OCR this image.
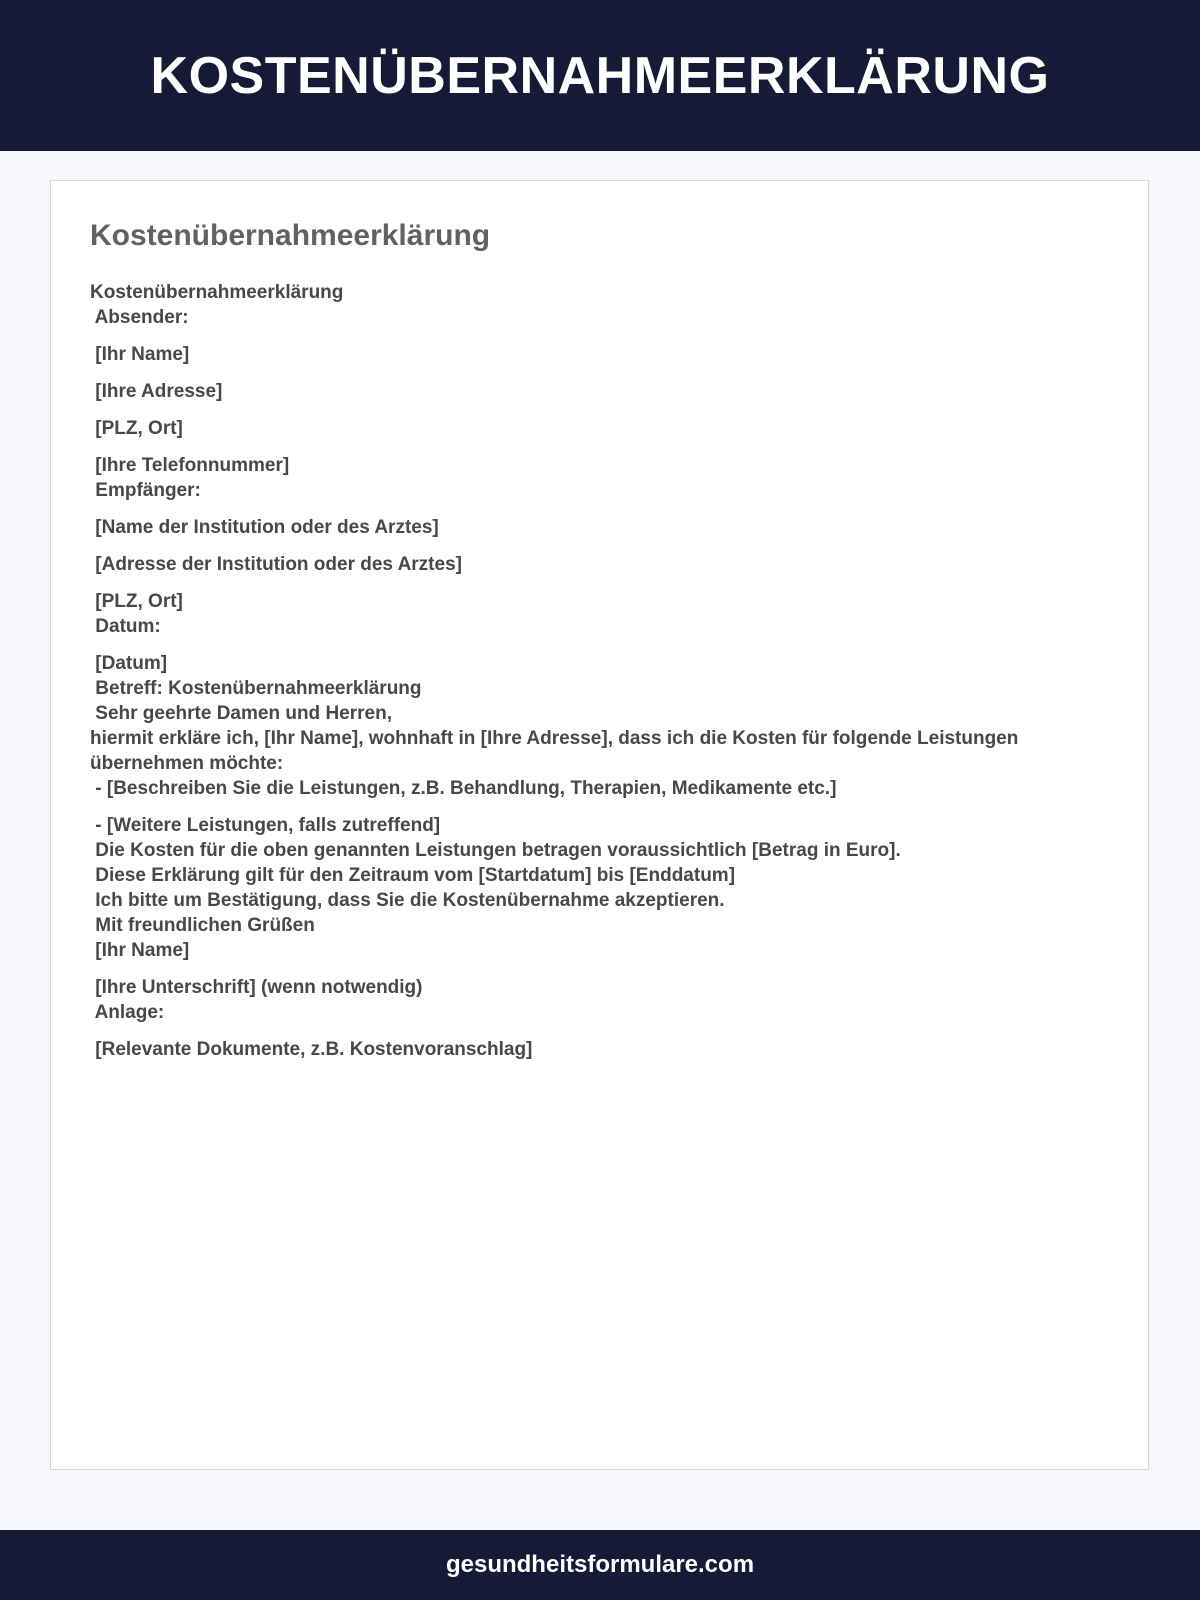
KOSTENÜBERNAHMEERKLÄRUNG
Kostenübernahmeerklärung
Kostenübernahmeerklärung
Absender:
[Ihr Name]
[Ihre Adresse]
[PLZ, Ort]
[Ihre Telefonnummer]
Empfänger:
[Name der Institution oder des Arztes]
[Adresse der Institution oder des Arztes]
[PLZ, Ort]
Datum:
[Datum]
Betreff: Kostenübernahmeerklärung
Sehr geehrte Damen und Herren,
hiermit erkläre ich, [Ihr Name], wohnhaft in [Ihre Adresse], dass ich die Kosten für folgende Leistungen übernehmen möchte:
- [Beschreiben Sie die Leistungen, z.B. Behandlung, Therapien, Medikamente etc.]
- [Weitere Leistungen, falls zutreffend]
Die Kosten für die oben genannten Leistungen betragen voraussichtlich [Betrag in Euro].
Diese Erklärung gilt für den Zeitraum vom [Startdatum] bis [Enddatum]
Ich bitte um Bestätigung, dass Sie die Kostenübernahme akzeptieren.
Mit freundlichen Grüßen
[Ihr Name]
[Ihre Unterschrift] (wenn notwendig)
Anlage:
[Relevante Dokumente, z.B. Kostenvoranschlag]
gesundheitsformulare.com
